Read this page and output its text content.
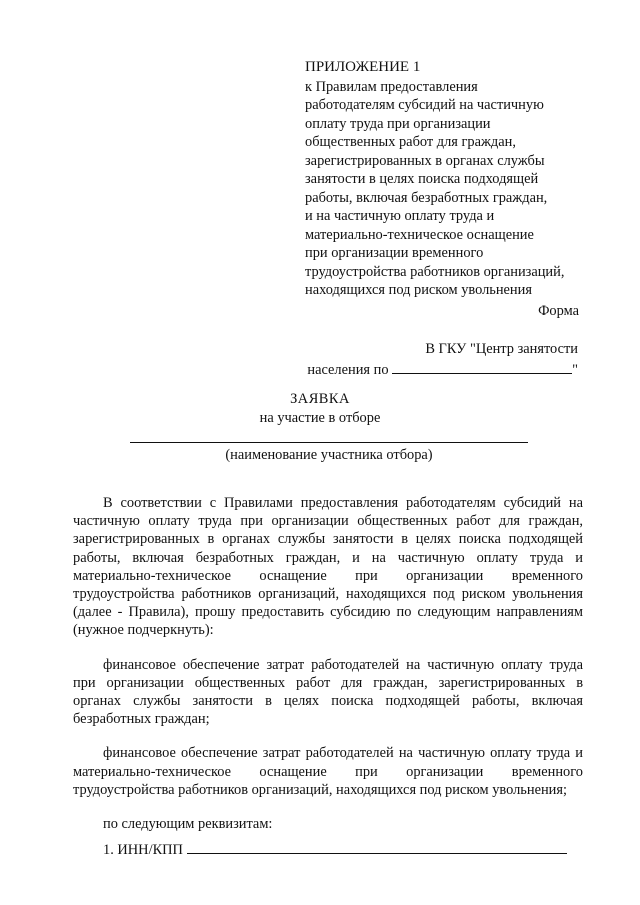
ПРИЛОЖЕНИЕ 1
к Правилам предоставления
работодателям субсидий на частичную
оплату труда при организации
общественных работ для граждан,
зарегистрированных в органах службы
занятости в целях поиска подходящей
работы, включая безработных граждан,
и на частичную оплату труда и
материально-техническое оснащение
при организации временного
трудоустройства работников организаций,
находящихся под риском увольнения
Форма
В ГКУ "Центр занятости
населения по	"
ЗАЯВКА
на участие в отборе
(наименование участника отбора)

В соответствии с Правилами предоставления работодателям субсидий на частичную оплату труда при организации общественных работ для граждан, зарегистрированных в органах службы занятости в целях поиска подходящей работы, включая безработных граждан, и на частичную оплату труда и материально-техническое оснащение при организации временного трудоустройства работников организаций, находящихся под риском увольнения (далее - Правила), прошу предоставить субсидию по следующим направлениям (нужное подчеркнуть):

финансовое обеспечение затрат работодателей на частичную оплату труда при организации общественных работ для граждан, зарегистрированных в органах службы занятости в целях поиска подходящей работы, включая безработных граждан;

финансовое обеспечение затрат работодателей на частичную оплату труда и материально-техническое оснащение при организации временного трудоустройства работников организаций, находящихся под риском увольнения;

по следующим реквизитам:

1. ИНН/КПП
